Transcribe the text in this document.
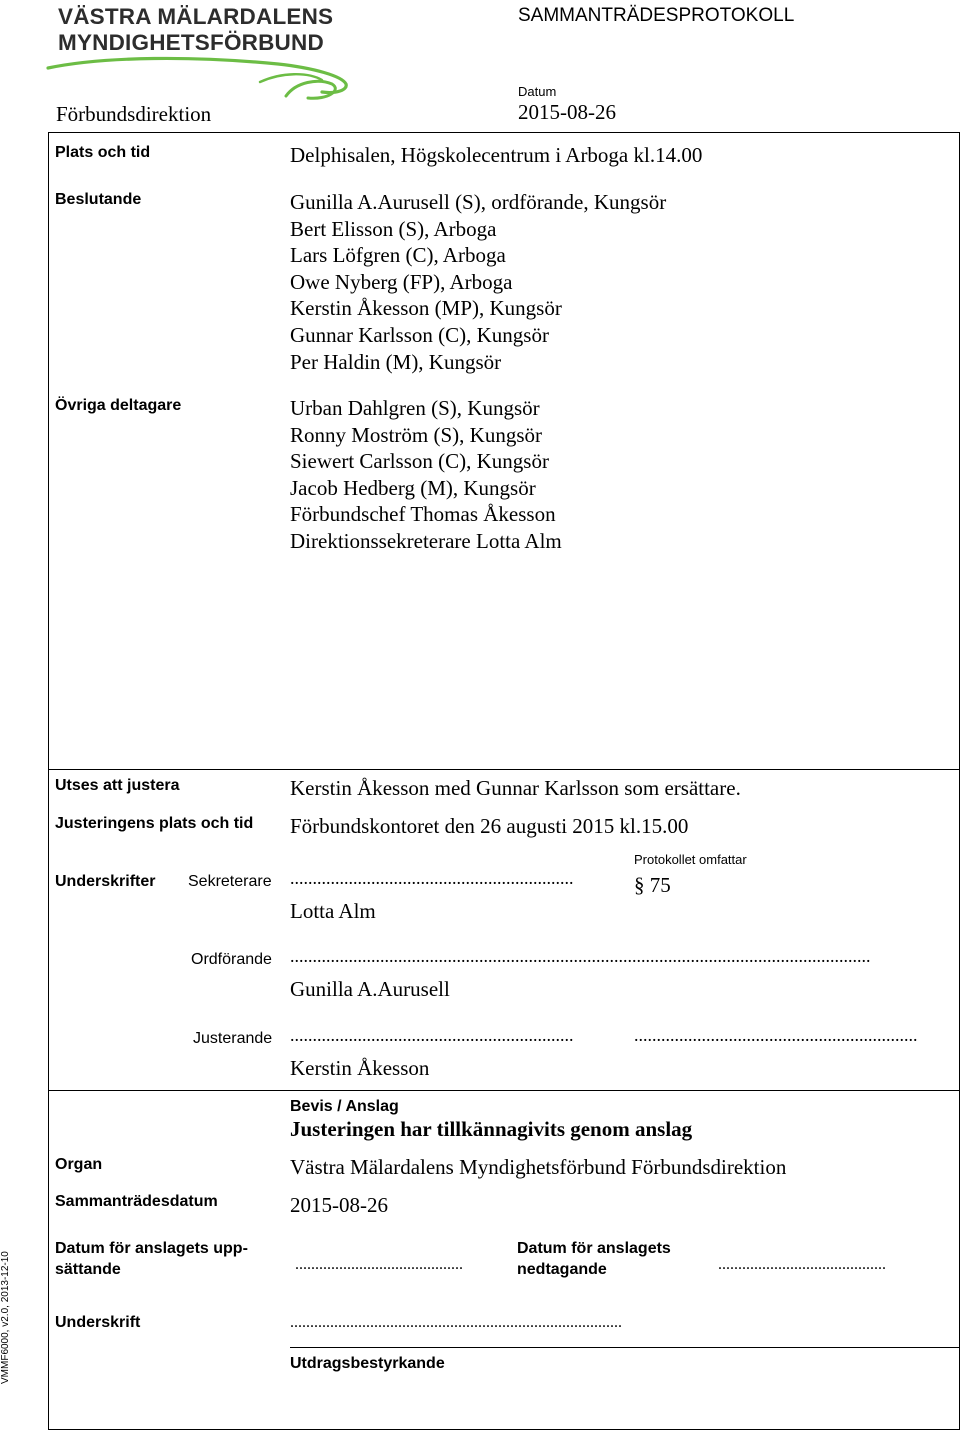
VÄSTRA MÄLARDALENS
MYNDIGHETSFÖRBUND
SAMMANTRÄDESPROTOKOLL
Förbundsdirektion
Datum
2015-08-26
Plats och tid	Delphisalen, Högskolecentrum i Arboga kl.14.00
Beslutande	Gunilla A.Aurusell (S), ordförande, Kungsör
Bert Elisson (S), Arboga
Lars Löfgren (C), Arboga
Owe Nyberg (FP), Arboga
Kerstin Åkesson (MP), Kungsör
Gunnar Karlsson (C), Kungsör
Per Haldin (M), Kungsör
Övriga deltagare	Urban Dahlgren (S), Kungsör
Ronny Moström (S), Kungsör
Siewert Carlsson (C), Kungsör
Jacob Hedberg (M), Kungsör
Förbundschef Thomas Åkesson
Direktionssekreterare Lotta Alm
Utses att justera	Kerstin Åkesson med Gunnar Karlsson som ersättare.
Justeringens plats och tid Förbundskontoret den 26 augusti 2015 kl.15.00
Protokollet omfattar
§ 75
Underskrifter Sekreterare ...............................................................
Lotta Alm
Ordförande .................................................................................................................................
Gunilla A.Aurusell
Justerande ...............................................................	...............................................................
Kerstin Åkesson
Bevis / Anslag
Justeringen har tillkännagivits genom anslag
Organ	Västra Mälardalens Myndighetsförbund Förbundsdirektion
Sammanträdesdatum	2015-08-26
Datum för anslagets upp-
sättande	..........................................
Datum för anslagets
nedtagande	..........................................
Underskrift	...................................................................................
Utdragsbestyrkande
VMMF6000, v2.0, 2013-12-10
